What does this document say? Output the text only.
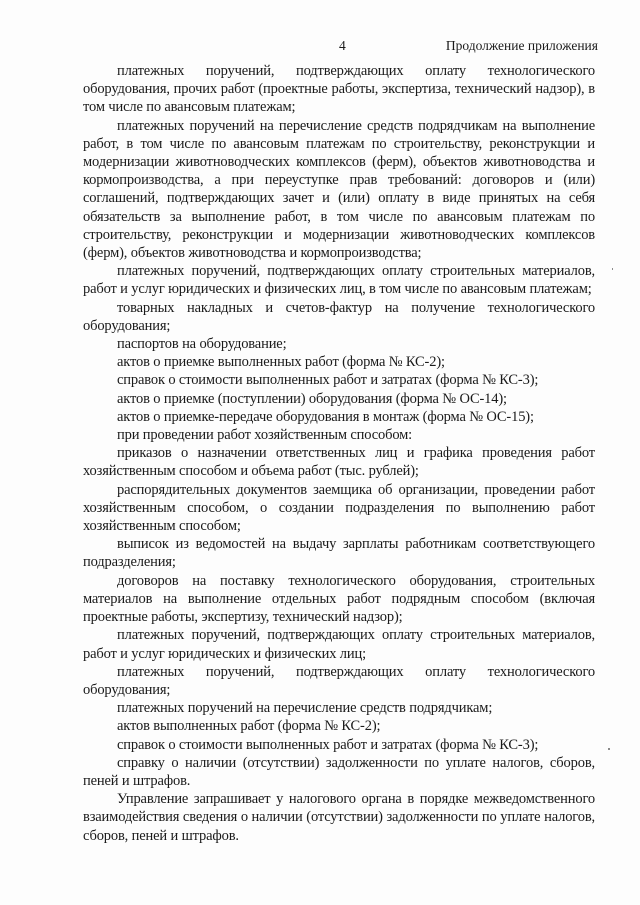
4	Продолжение приложения

платежных поручений, подтверждающих оплату технологического оборудования, прочих работ (проектные работы, экспертиза, технический надзор), в том числе по авансовым платежам;

платежных поручений на перечисление средств подрядчикам на выполнение работ, в том числе по авансовым платежам по строительству, реконструкции и модернизации животноводческих комплексов (ферм), объектов животноводства и кормопроизводства, а при переуступке прав требований: договоров и (или) соглашений, подтверждающих зачет и (или) оплату в виде принятых на себя обязательств за выполнение работ, в том числе по авансовым платежам по строительству, реконструкции и модернизации животноводческих комплексов (ферм), объектов животноводства и кормопроизводства;

платежных поручений, подтверждающих оплату строительных материалов, работ и услуг юридических и физических лиц, в том числе по авансовым платежам;

товарных накладных и счетов-фактур на получение технологического оборудования;

паспортов на оборудование;

актов о приемке выполненных работ (форма № КС-2);

справок о стоимости выполненных работ и затратах (форма № КС-3);

актов о приемке (поступлении) оборудования (форма № ОС-14);

актов о приемке-передаче оборудования в монтаж (форма № ОС-15);

при проведении работ хозяйственным способом:

приказов о назначении ответственных лиц и графика проведения работ хозяйственным способом и объема работ (тыс. рублей);

распорядительных документов заемщика об организации, проведении работ хозяйственным способом, о создании подразделения по выполнению работ хозяйственным способом;

выписок из ведомостей на выдачу зарплаты работникам соответствующего подразделения;

договоров на поставку технологического оборудования, строительных материалов на выполнение отдельных работ подрядным способом (включая проектные работы, экспертизу, технический надзор);

платежных поручений, подтверждающих оплату строительных материалов, работ и услуг юридических и физических лиц;

платежных поручений, подтверждающих оплату технологического оборудования;

платежных поручений на перечисление средств подрядчикам;

актов выполненных работ (форма № КС-2);

справок о стоимости выполненных работ и затратах (форма № КС-3);

справку о наличии (отсутствии) задолженности по уплате налогов, сборов, пеней и штрафов.

Управление запрашивает у налогового органа в порядке межведомственного взаимодействия сведения о наличии (отсутствии) задолженности по уплате налогов, сборов, пеней и штрафов.
